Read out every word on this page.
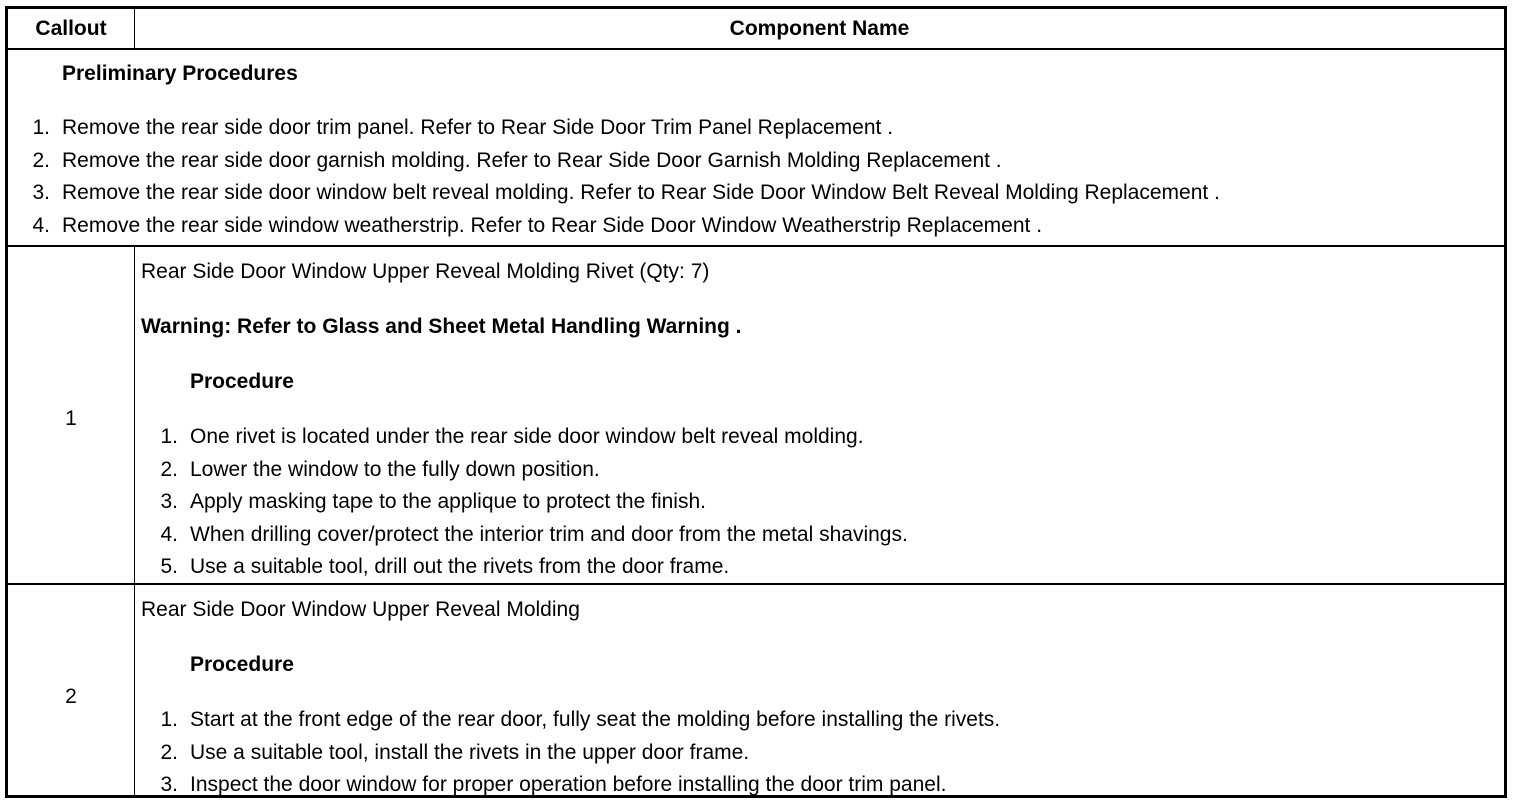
Callout	Component Name
Preliminary Procedures
1. Remove the rear side door trim panel. Refer to Rear Side Door Trim Panel Replacement .
2. Remove the rear side door garnish molding. Refer to Rear Side Door Garnish Molding Replacement .
3. Remove the rear side door window belt reveal molding. Refer to Rear Side Door Window Belt Reveal Molding Replacement .
4. Remove the rear side window weatherstrip. Refer to Rear Side Door Window Weatherstrip Replacement .
1
Rear Side Door Window Upper Reveal Molding Rivet (Qty: 7)
Warning: Refer to Glass and Sheet Metal Handling Warning .
Procedure
1. One rivet is located under the rear side door window belt reveal molding.
2. Lower the window to the fully down position.
3. Apply masking tape to the applique to protect the finish.
4. When drilling cover/protect the interior trim and door from the metal shavings.
5. Use a suitable tool, drill out the rivets from the door frame.
2
Rear Side Door Window Upper Reveal Molding
Procedure
1. Start at the front edge of the rear door, fully seat the molding before installing the rivets.
2. Use a suitable tool, install the rivets in the upper door frame.
3. Inspect the door window for proper operation before installing the door trim panel.
